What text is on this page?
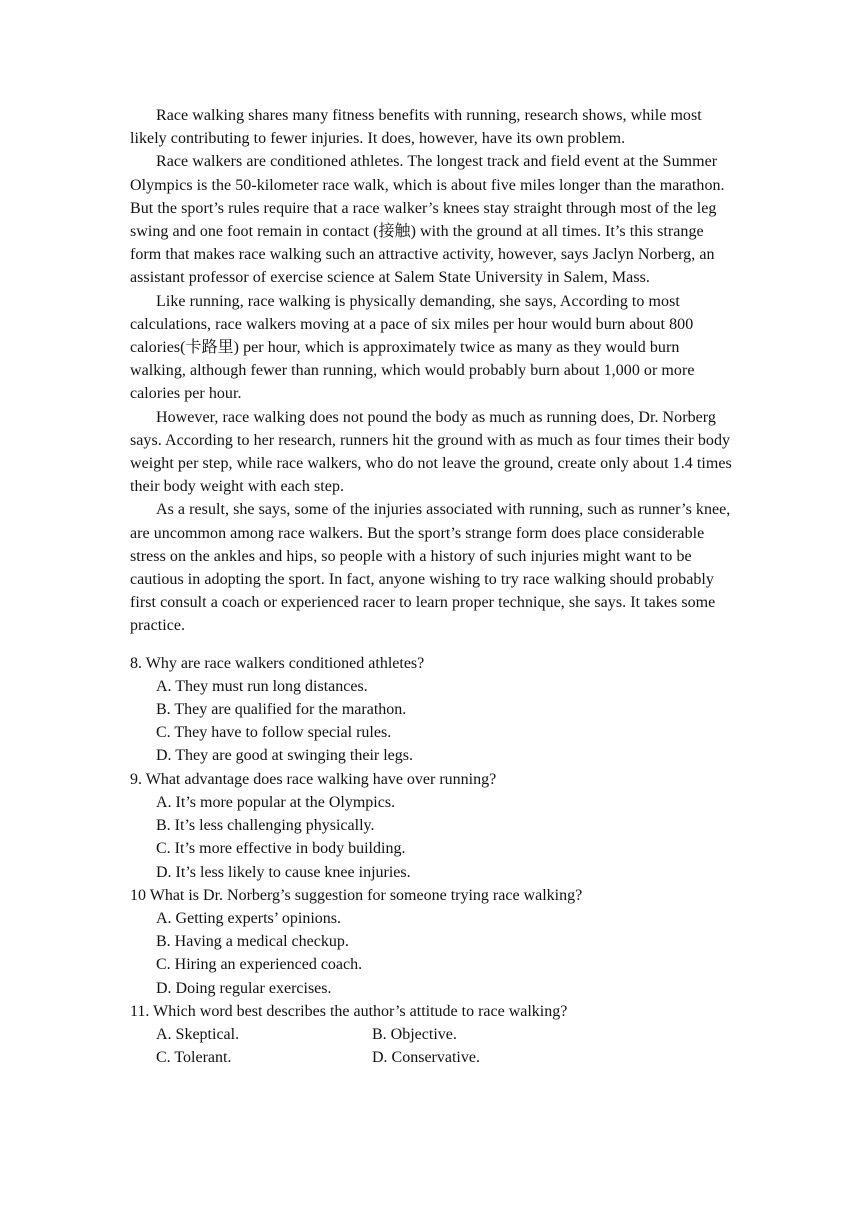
Race walking shares many fitness benefits with running, research shows, while most likely contributing to fewer injuries. It does, however, have its own problem.

Race walkers are conditioned athletes. The longest track and field event at the Summer Olympics is the 50-kilometer race walk, which is about five miles longer than the marathon. But the sport’s rules require that a race walker’s knees stay straight through most of the leg swing and one foot remain in contact (接触) with the ground at all times. It’s this strange form that makes race walking such an attractive activity, however, says Jaclyn Norberg, an assistant professor of exercise science at Salem State University in Salem, Mass.

Like running, race walking is physically demanding, she says, According to most calculations, race walkers moving at a pace of six miles per hour would burn about 800 calories(卡路里) per hour, which is approximately twice as many as they would burn walking, although fewer than running, which would probably burn about 1,000 or more calories per hour.

However, race walking does not pound the body as much as running does, Dr. Norberg says. According to her research, runners hit the ground with as much as four times their body weight per step, while race walkers, who do not leave the ground, create only about 1.4 times their body weight with each step.

As a result, she says, some of the injuries associated with running, such as runner’s knee, are uncommon among race walkers. But the sport’s strange form does place considerable stress on the ankles and hips, so people with a history of such injuries might want to be cautious in adopting the sport. In fact, anyone wishing to try race walking should probably first consult a coach or experienced racer to learn proper technique, she says. It takes some practice.

8. Why are race walkers conditioned athletes?

A. They must run long distances.

B. They are qualified for the marathon.

C. They have to follow special rules.

D. They are good at swinging their legs.

9. What advantage does race walking have over running?

A. It’s more popular at the Olympics.

B. It’s less challenging physically.

C. It’s more effective in body building.

D. It’s less likely to cause knee injuries.

10 What is Dr. Norberg’s suggestion for someone trying race walking?

A. Getting experts’ opinions.

B. Having a medical checkup.

C. Hiring an experienced coach.

D. Doing regular exercises.

11. Which word best describes the author’s attitude to race walking?

A. Skeptical.	B. Objective.
C. Tolerant.	D. Conservative.
